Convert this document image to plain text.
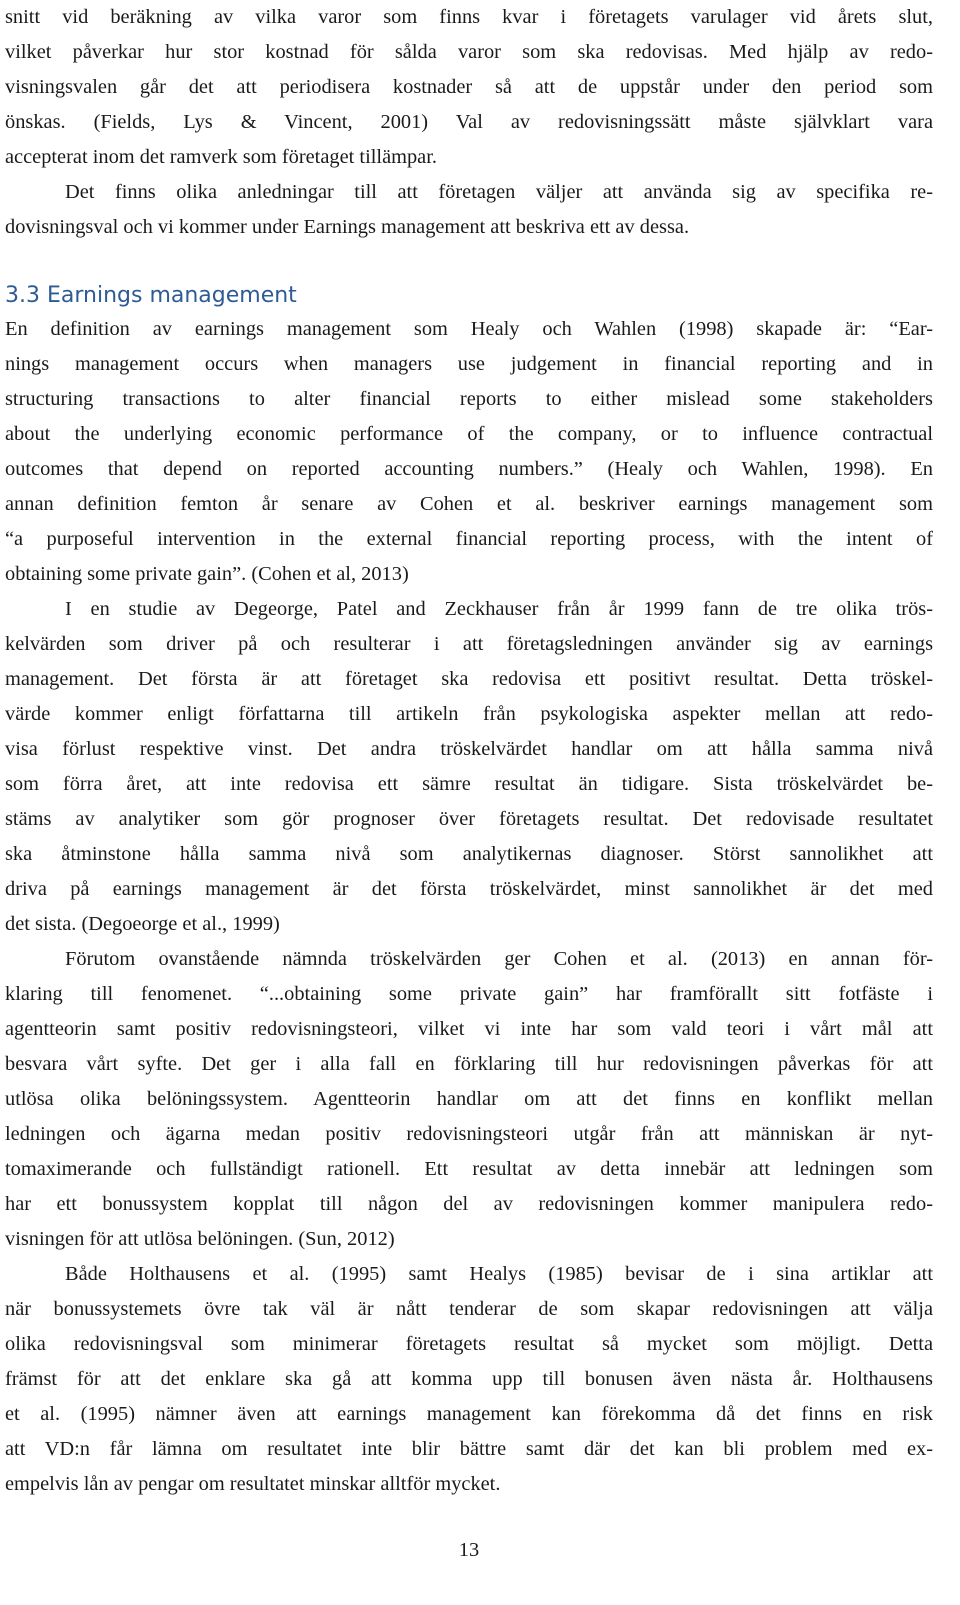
snitt vid beräkning av vilka varor som finns kvar i företagets varulager vid årets slut,
vilket påverkar hur stor kostnad för sålda varor som ska redovisas. Med hjälp av redo-
visningsvalen går det att periodisera kostnader så att de uppstår under den period som
önskas. (Fields, Lys & Vincent, 2001) Val av redovisningssätt måste självklart vara
accepterat inom det ramverk som företaget tillämpar.
Det finns olika anledningar till att företagen väljer att använda sig av specifika re-
dovisningsval och vi kommer under Earnings management att beskriva ett av dessa.
3.3 Earnings management
En definition av earnings management som Healy och Wahlen (1998) skapade är: “Ear-
nings management occurs when managers use judgement in financial reporting and in
structuring transactions to alter financial reports to either mislead some stakeholders
about the underlying economic performance of the company, or to influence contractual
outcomes that depend on reported accounting numbers.” (Healy och Wahlen, 1998). En
annan definition femton år senare av Cohen et al. beskriver earnings management som
“a purposeful intervention in the external financial reporting process, with the intent of
obtaining some private gain”. (Cohen et al, 2013)
I en studie av Degeorge, Patel and Zeckhauser från år 1999 fann de tre olika trös-
kelvärden som driver på och resulterar i att företagsledningen använder sig av earnings
management. Det första är att företaget ska redovisa ett positivt resultat. Detta tröskel-
värde kommer enligt författarna till artikeln från psykologiska aspekter mellan att redo-
visa förlust respektive vinst. Det andra tröskelvärdet handlar om att hålla samma nivå
som förra året, att inte redovisa ett sämre resultat än tidigare. Sista tröskelvärdet be-
stäms av analytiker som gör prognoser över företagets resultat. Det redovisade resultatet
ska åtminstone hålla samma nivå som analytikernas diagnoser. Störst sannolikhet att
driva på earnings management är det första tröskelvärdet, minst sannolikhet är det med
det sista. (Degoeorge et al., 1999)
Förutom ovanstående nämnda tröskelvärden ger Cohen et al. (2013) en annan för-
klaring till fenomenet. “...obtaining some private gain” har framförallt sitt fotfäste i
agentteorin samt positiv redovisningsteori, vilket vi inte har som vald teori i vårt mål att
besvara vårt syfte. Det ger i alla fall en förklaring till hur redovisningen påverkas för att
utlösa olika belöningssystem. Agentteorin handlar om att det finns en konflikt mellan
ledningen och ägarna medan positiv redovisningsteori utgår från att människan är nyt-
tomaximerande och fullständigt rationell. Ett resultat av detta innebär att ledningen som
har ett bonussystem kopplat till någon del av redovisningen kommer manipulera redo-
visningen för att utlösa belöningen. (Sun, 2012)
Både Holthausens et al. (1995) samt Healys (1985) bevisar de i sina artiklar att
när bonussystemets övre tak väl är nått tenderar de som skapar redovisningen att välja
olika redovisningsval som minimerar företagets resultat så mycket som möjligt. Detta
främst för att det enklare ska gå att komma upp till bonusen även nästa år. Holthausens
et al. (1995) nämner även att earnings management kan förekomma då det finns en risk
att VD:n får lämna om resultatet inte blir bättre samt där det kan bli problem med ex-
empelvis lån av pengar om resultatet minskar alltför mycket.
13
